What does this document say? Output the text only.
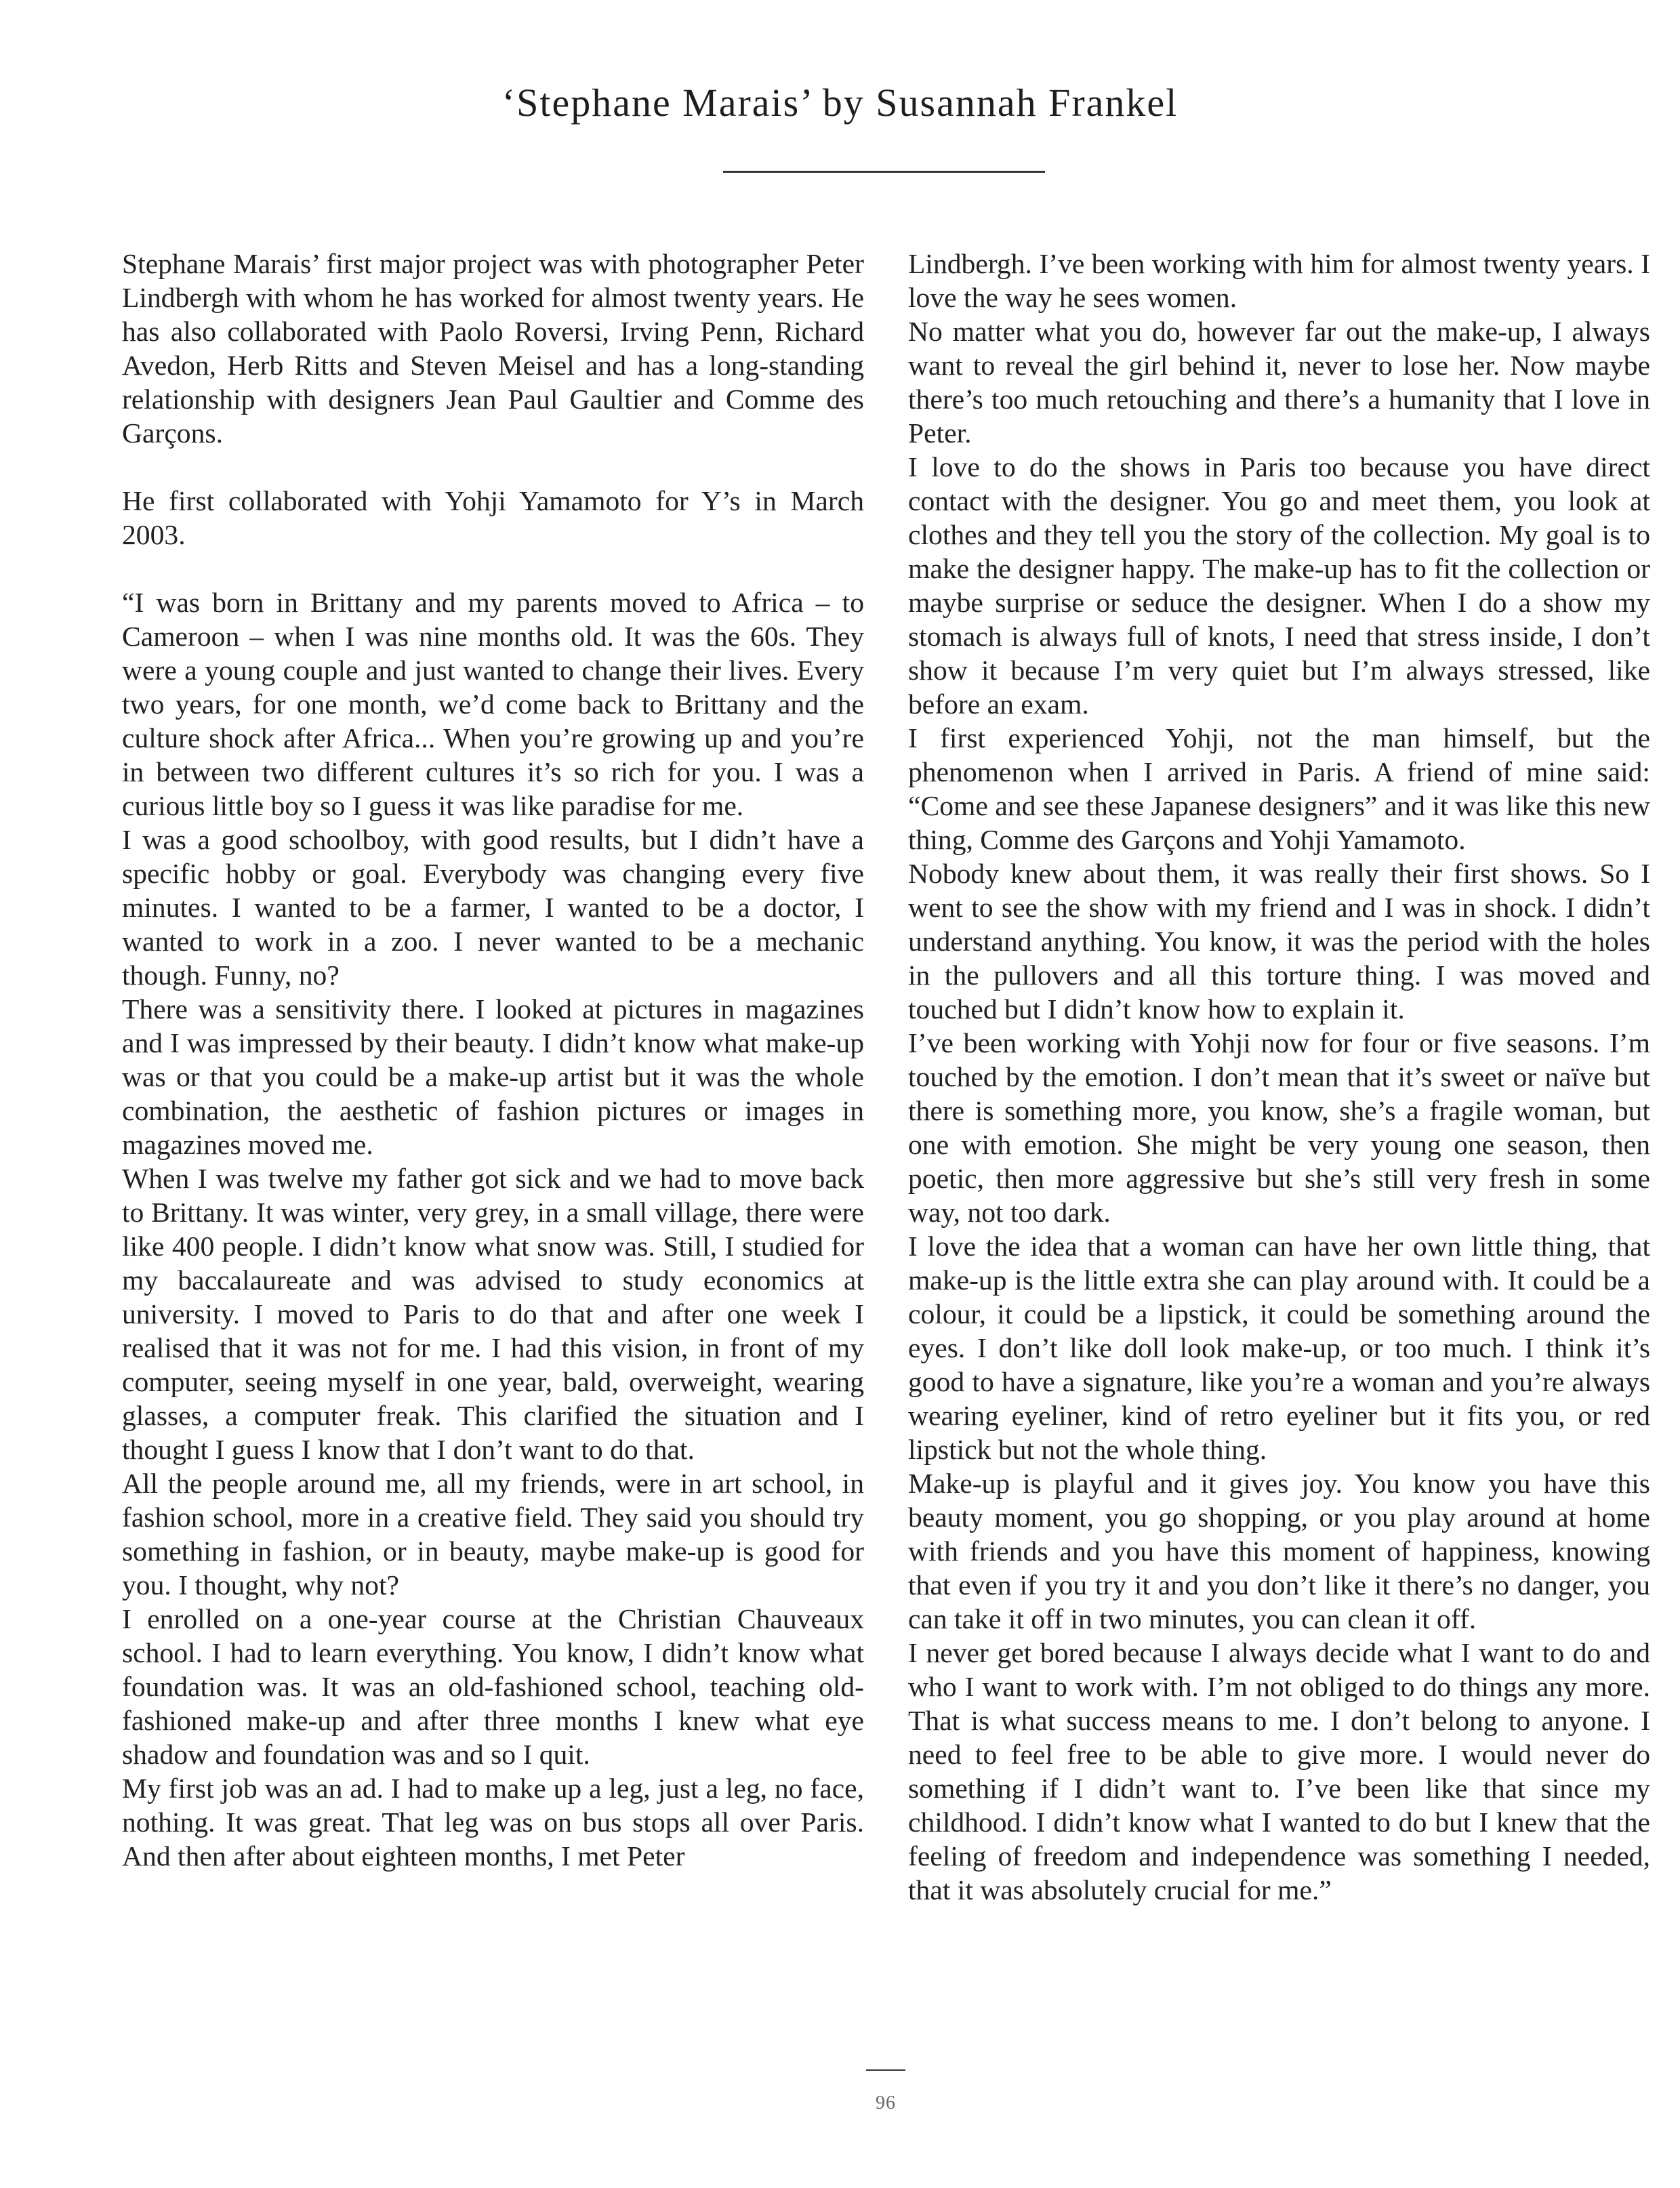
‘Stephane Marais’ by Susannah Frankel

Stephane Marais’ first major project was with photographer Peter Lindbergh with whom he has worked for almost twenty years. He has also collaborated with Paolo Roversi, Irving Penn, Richard Avedon, Herb Ritts and Steven Meisel and has a long-standing relationship with designers Jean Paul Gaultier and Comme des Garçons.

He first collaborated with Yohji Yamamoto for Y’s in March 2003.

“I was born in Brittany and my parents moved to Africa – to Cameroon – when I was nine months old. It was the 60s. They were a young couple and just wanted to change their lives. Every two years, for one month, we’d come back to Brittany and the culture shock after Africa... When you’re growing up and you’re in between two different cultures it’s so rich for you. I was a curious little boy so I guess it was like paradise for me.

I was a good schoolboy, with good results, but I didn’t have a specific hobby or goal. Everybody was changing every five minutes. I wanted to be a farmer, I wanted to be a doctor, I wanted to work in a zoo. I never wanted to be a mechanic though. Funny, no?

There was a sensitivity there. I looked at pictures in magazines and I was impressed by their beauty. I didn’t know what make-up was or that you could be a make-up artist but it was the whole combination, the aesthetic of fashion pictures or images in magazines moved me.

When I was twelve my father got sick and we had to move back to Brittany. It was winter, very grey, in a small village, there were like 400 people. I didn’t know what snow was. Still, I studied for my baccalaureate and was advised to study economics at university. I moved to Paris to do that and after one week I realised that it was not for me. I had this vision, in front of my computer, seeing myself in one year, bald, overweight, wearing glasses, a computer freak. This clarified the situation and I thought I guess I know that I don’t want to do that.

All the people around me, all my friends, were in art school, in fashion school, more in a creative field. They said you should try something in fashion, or in beauty, maybe make-up is good for you. I thought, why not?

I enrolled on a one-year course at the Christian Chauveaux school. I had to learn everything. You know, I didn’t know what foundation was. It was an old-fashioned school, teaching old-fashioned make-up and after three months I knew what eye shadow and foundation was and so I quit.

My first job was an ad. I had to make up a leg, just a leg, no face, nothing. It was great. That leg was on bus stops all over Paris. And then after about eighteen months, I met Peter

Lindbergh. I’ve been working with him for almost twenty years. I love the way he sees women.

No matter what you do, however far out the make-up, I always want to reveal the girl behind it, never to lose her. Now maybe there’s too much retouching and there’s a humanity that I love in Peter.

I love to do the shows in Paris too because you have direct contact with the designer. You go and meet them, you look at clothes and they tell you the story of the collection. My goal is to make the designer happy. The make-up has to fit the collection or maybe surprise or seduce the designer. When I do a show my stomach is always full of knots, I need that stress inside, I don’t show it because I’m very quiet but I’m always stressed, like before an exam.

I first experienced Yohji, not the man himself, but the phenomenon when I arrived in Paris. A friend of mine said: “Come and see these Japanese designers” and it was like this new thing, Comme des Garçons and Yohji Yamamoto.

Nobody knew about them, it was really their first shows. So I went to see the show with my friend and I was in shock. I didn’t understand anything. You know, it was the period with the holes in the pullovers and all this torture thing. I was moved and touched but I didn’t know how to explain it.

I’ve been working with Yohji now for four or five seasons. I’m touched by the emotion. I don’t mean that it’s sweet or naïve but there is something more, you know, she’s a fragile woman, but one with emotion. She might be very young one season, then poetic, then more aggressive but she’s still very fresh in some way, not too dark.

I love the idea that a woman can have her own little thing, that make-up is the little extra she can play around with. It could be a colour, it could be a lipstick, it could be something around the eyes. I don’t like doll look make-up, or too much. I think it’s good to have a signature, like you’re a woman and you’re always wearing eyeliner, kind of retro eyeliner but it fits you, or red lipstick but not the whole thing.

Make-up is playful and it gives joy. You know you have this beauty moment, you go shopping, or you play around at home with friends and you have this moment of happiness, knowing that even if you try it and you don’t like it there’s no danger, you can take it off in two minutes, you can clean it off.

I never get bored because I always decide what I want to do and who I want to work with. I’m not obliged to do things any more. That is what success means to me. I don’t belong to anyone. I need to feel free to be able to give more. I would never do something if I didn’t want to. I’ve been like that since my childhood. I didn’t know what I wanted to do but I knew that the feeling of freedom and independence was something I needed, that it was absolutely crucial for me.”

96
